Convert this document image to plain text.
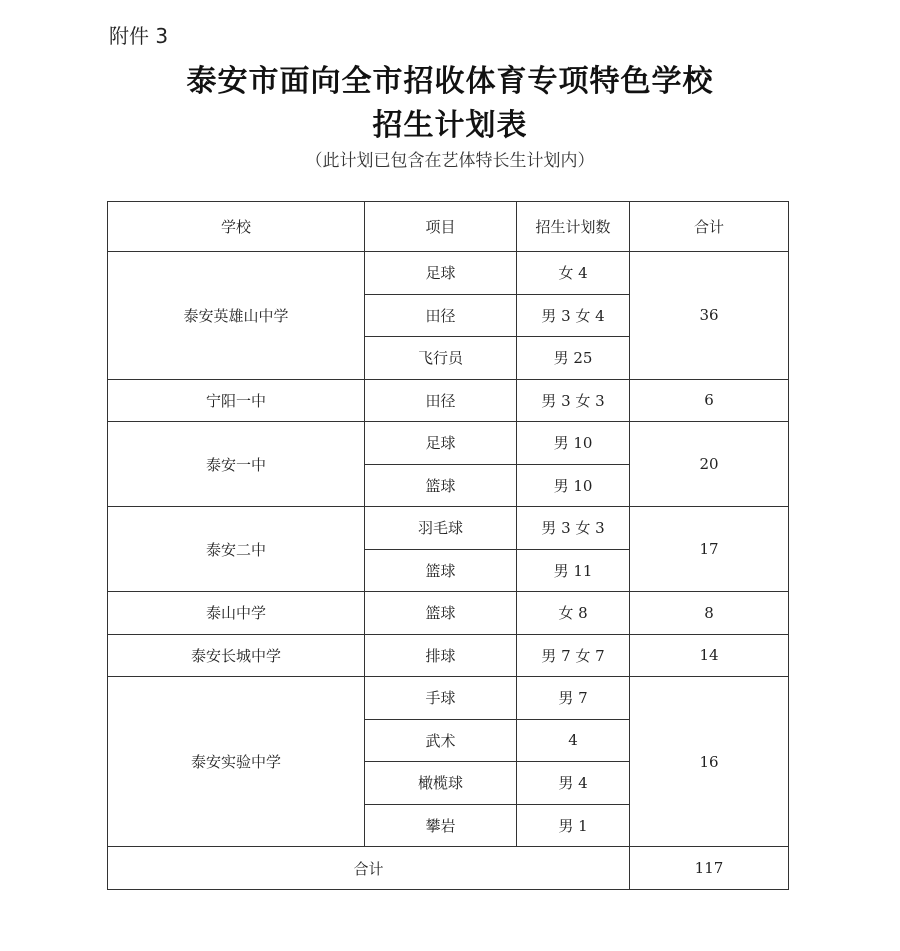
附件 3
泰安市面向全市招收体育专项特色学校
招生计划表
（此计划已包含在艺体特长生计划内）
学校	项目	招生计划数	合计
泰安英雄山中学	足球	女 4	36
	田径	男 3 女 4	
	飞行员	男 25	
宁阳一中	田径	男 3 女 3	6
泰安一中	足球	男 10	20
	篮球	男 10	
泰安二中	羽毛球	男 3 女 3	17
	篮球	男 11	
泰山中学	篮球	女 8	8
泰安长城中学	排球	男 7 女 7	14
泰安实验中学	手球	男 7	16
	武术	4	
	橄榄球	男 4	
	攀岩	男 1	
合计			117
